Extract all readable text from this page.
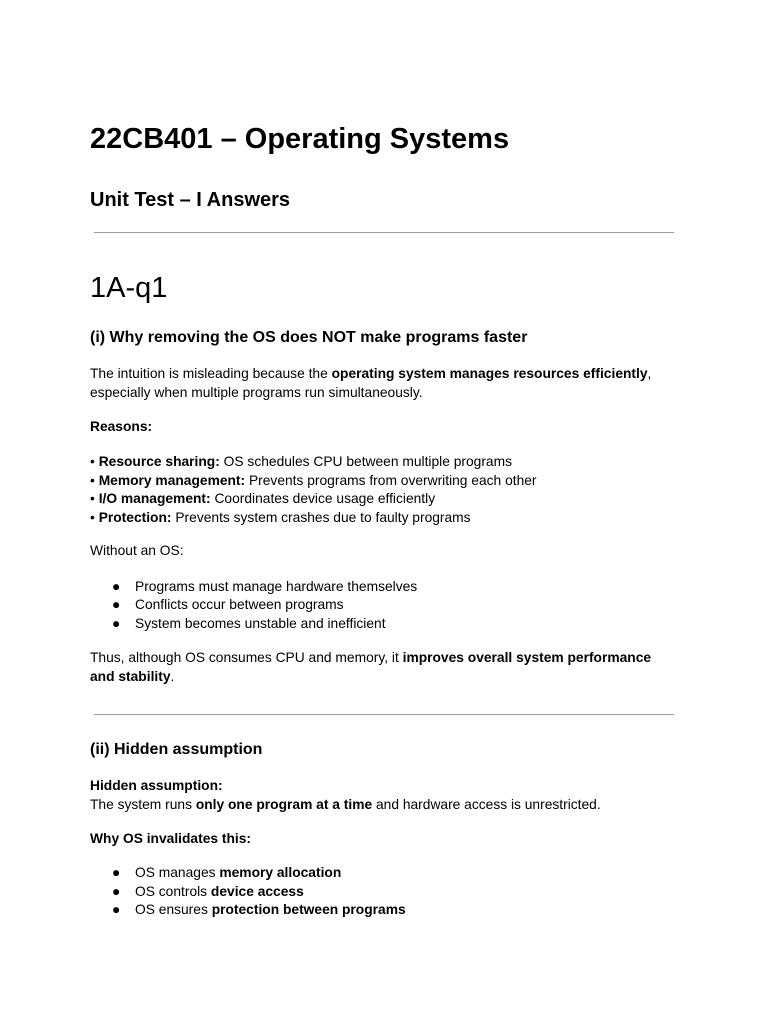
22CB401 – Operating Systems
Unit Test – I Answers
1A-q1
(i) Why removing the OS does NOT make programs faster

The intuition is misleading because the operating system manages resources efficiently,

especially when multiple programs run simultaneously.

Reasons:

• Resource sharing: OS schedules CPU between multiple programs
• Memory management: Prevents programs from overwriting each other
• I/O management: Coordinates device usage efficiently
• Protection: Prevents system crashes due to faulty programs

Without an OS:

● Programs must manage hardware themselves
● Conflicts occur between programs
● System becomes unstable and inefficient

Thus, although OS consumes CPU and memory, it improves overall system performance

and stability.

(ii) Hidden assumption

Hidden assumption:

The system runs only one program at a time and hardware access is unrestricted.

Why OS invalidates this:

● OS manages memory allocation
● OS controls device access
● OS ensures protection between programs
